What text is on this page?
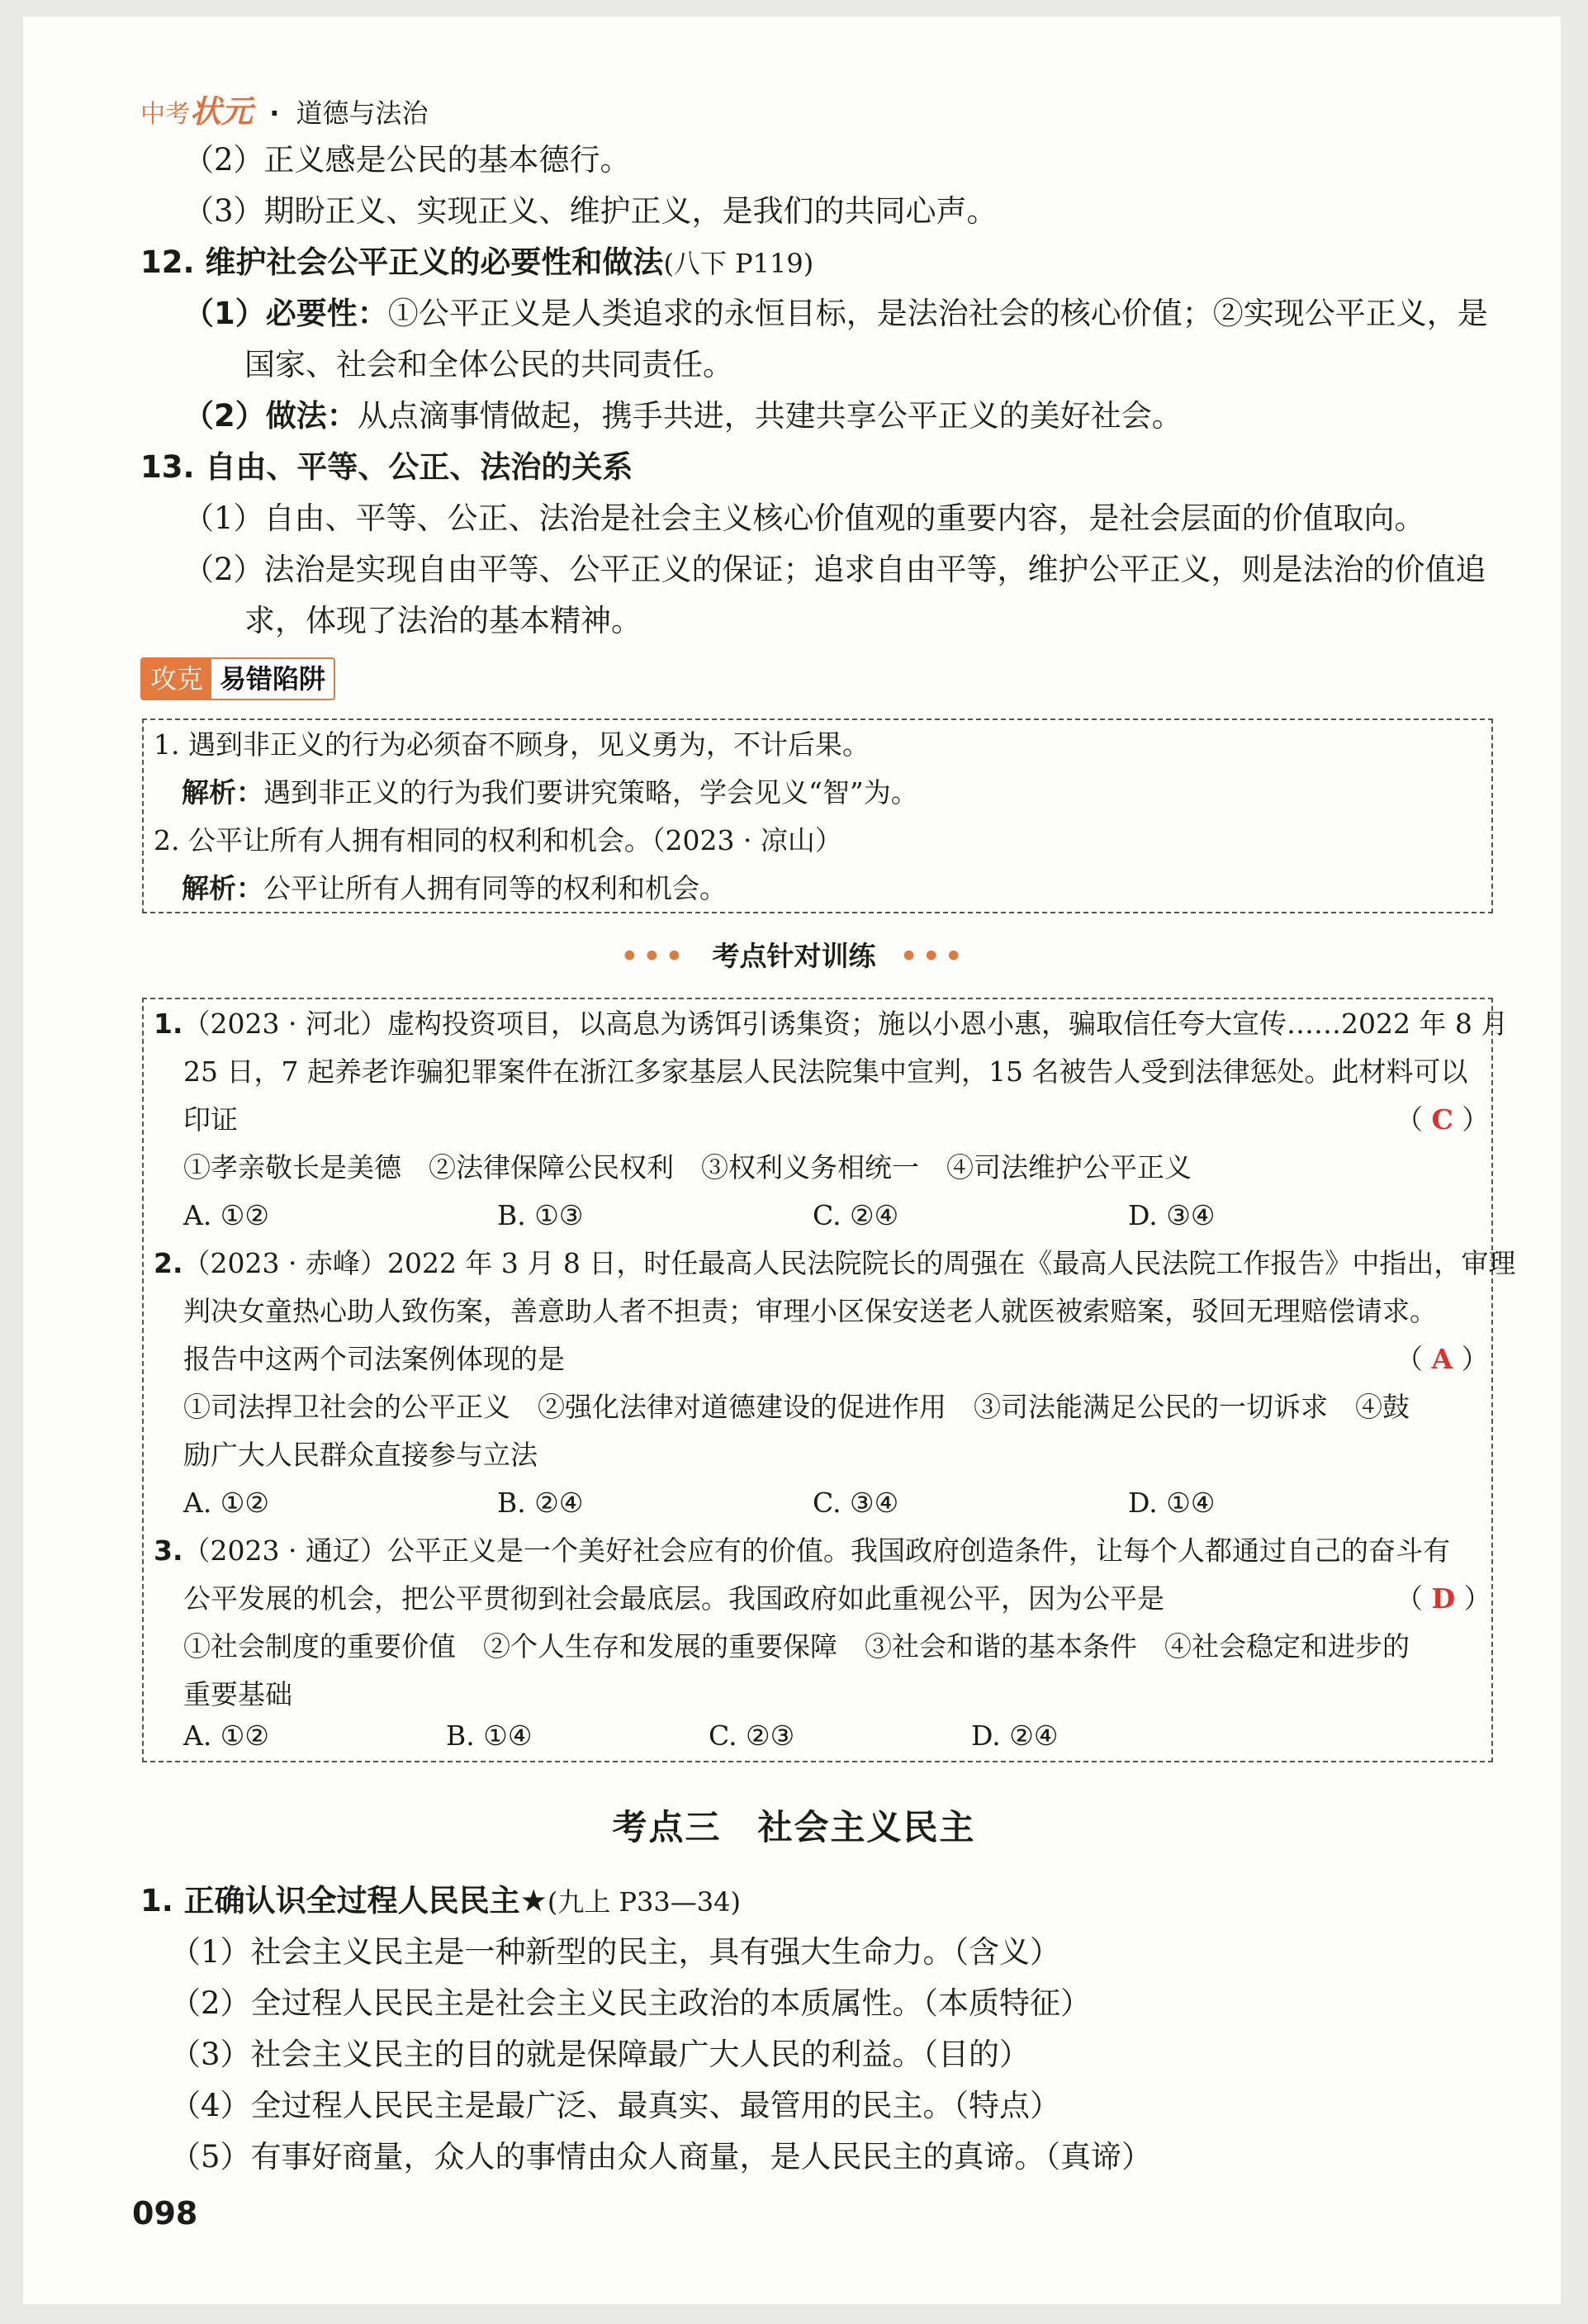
中考状元 · 道德与法治
（2）正义感是公民的基本德行。
（3）期盼正义、实现正义、维护正义，是我们的共同心声。
12. 维护社会公平正义的必要性和做法(八下 P119)
（1）必要性：①公平正义是人类追求的永恒目标，是法治社会的核心价值；②实现公平正义，是
国家、社会和全体公民的共同责任。
（2）做法：从点滴事情做起，携手共进，共建共享公平正义的美好社会。
13. 自由、平等、公正、法治的关系
（1）自由、平等、公正、法治是社会主义核心价值观的重要内容，是社会层面的价值取向。
（2）法治是实现自由平等、公平正义的保证；追求自由平等，维护公平正义，则是法治的价值追
求，体现了法治的基本精神。
攻克 易错陷阱
1. 遇到非正义的行为必须奋不顾身，见义勇为，不计后果。
解析：遇到非正义的行为我们要讲究策略，学会见义“智”为。
2. 公平让所有人拥有相同的权利和机会。（2023 · 凉山）
解析：公平让所有人拥有同等的权利和机会。
••• 考点针对训练 •••
1.（2023 · 河北）虚构投资项目，以高息为诱饵引诱集资；施以小恩小惠，骗取信任夸大宣传……2022 年 8 月
25 日，7 起养老诈骗犯罪案件在浙江多家基层人民法院集中宣判，15 名被告人受到法律惩处。此材料可以
印证	（ C ）
①孝亲敬长是美德　②法律保障公民权利　③权利义务相统一　④司法维护公平正义
A. ①②	B. ①③	C. ②④	D. ③④
2.（2023 · 赤峰）2022 年 3 月 8 日，时任最高人民法院院长的周强在《最高人民法院工作报告》中指出，审理
判决女童热心助人致伤案，善意助人者不担责；审理小区保安送老人就医被索赔案，驳回无理赔偿请求。
报告中这两个司法案例体现的是	（ A ）
①司法捍卫社会的公平正义　②强化法律对道德建设的促进作用　③司法能满足公民的一切诉求　④鼓
励广大人民群众直接参与立法
A. ①②	B. ②④	C. ③④	D. ①④
3.（2023 · 通辽）公平正义是一个美好社会应有的价值。我国政府创造条件，让每个人都通过自己的奋斗有
公平发展的机会，把公平贯彻到社会最底层。我国政府如此重视公平，因为公平是	（ D ）
①社会制度的重要价值　②个人生存和发展的重要保障　③社会和谐的基本条件　④社会稳定和进步的
重要基础
A. ①②	B. ①④	C. ②③	D. ②④
考点三　社会主义民主
1. 正确认识全过程人民民主★(九上 P33—34)
（1）社会主义民主是一种新型的民主，具有强大生命力。（含义）
（2）全过程人民民主是社会主义民主政治的本质属性。（本质特征）
（3）社会主义民主的目的就是保障最广大人民的利益。（目的）
（4）全过程人民民主是最广泛、最真实、最管用的民主。（特点）
（5）有事好商量，众人的事情由众人商量，是人民民主的真谛。（真谛）
098
